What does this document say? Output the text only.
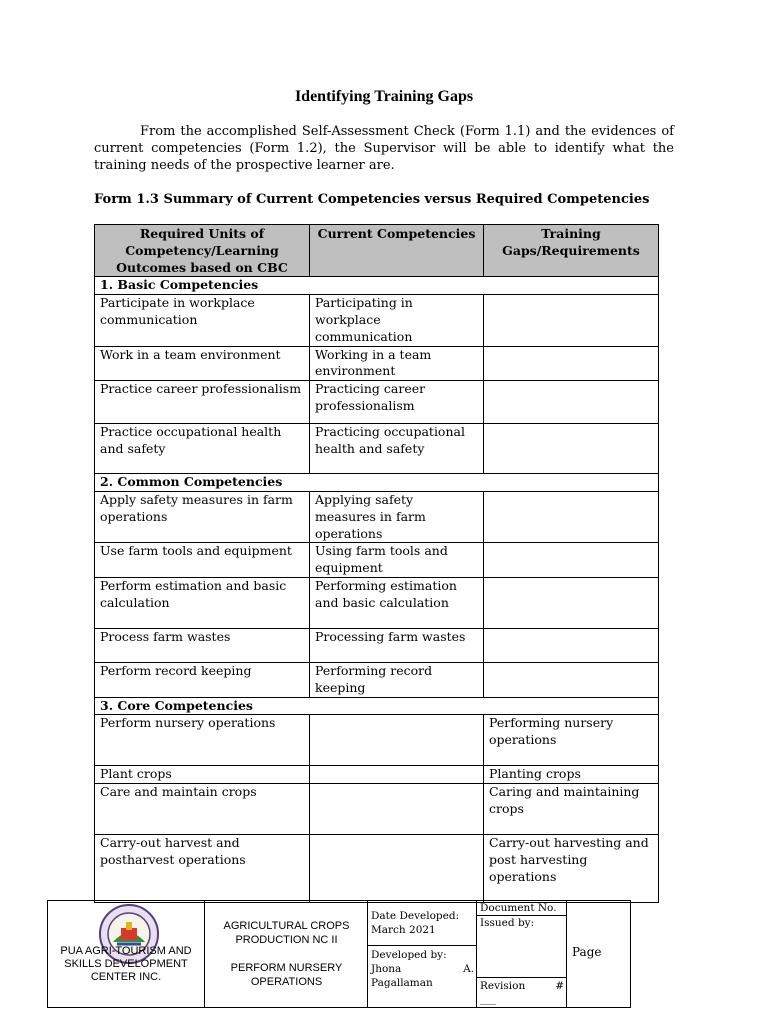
Identifying Training Gaps
From the accomplished Self-Assessment Check (Form 1.1) and the evidences of current competencies (Form 1.2), the Supervisor will be able to identify what the training needs of the prospective learner are.
Form 1.3 Summary of Current Competencies versus Required Competencies
Required Units of Competency/Learning Outcomes based on CBC	Current Competencies	Training Gaps/Requirements
1. Basic Competencies		
Participate in workplace communication	Participating in workplace communication	
Work in a team environment	Working in a team environment	
Practice career professionalism	Practicing career professionalism	
Practice occupational health and safety	Practicing occupational health and safety	
2. Common Competencies		
Apply safety measures in farm operations	Applying safety measures in farm operations	
Use farm tools and equipment	Using farm tools and equipment	
Perform estimation and basic calculation	Performing estimation and basic calculation	
Process farm wastes	Processing farm wastes	
Perform record keeping	Performing record keeping	
3. Core Competencies		
Perform nursery operations		Performing nursery operations
Plant crops		Planting crops
Care and maintain crops		Caring and maintaining crops
Carry-out harvest and postharvest operations		Carry-out harvesting and post harvesting operations
PUA AGRI-TOURISM AND SKILLS DEVELOPMENT CENTER INC.
AGRICULTURAL CROPS PRODUCTION NC II
PERFORM NURSERY OPERATIONS
Date Developed:
March 2021
Developed by:
Jhona	A.
Pagallaman
Document No.
Issued by:
Revision	#
___
Page
